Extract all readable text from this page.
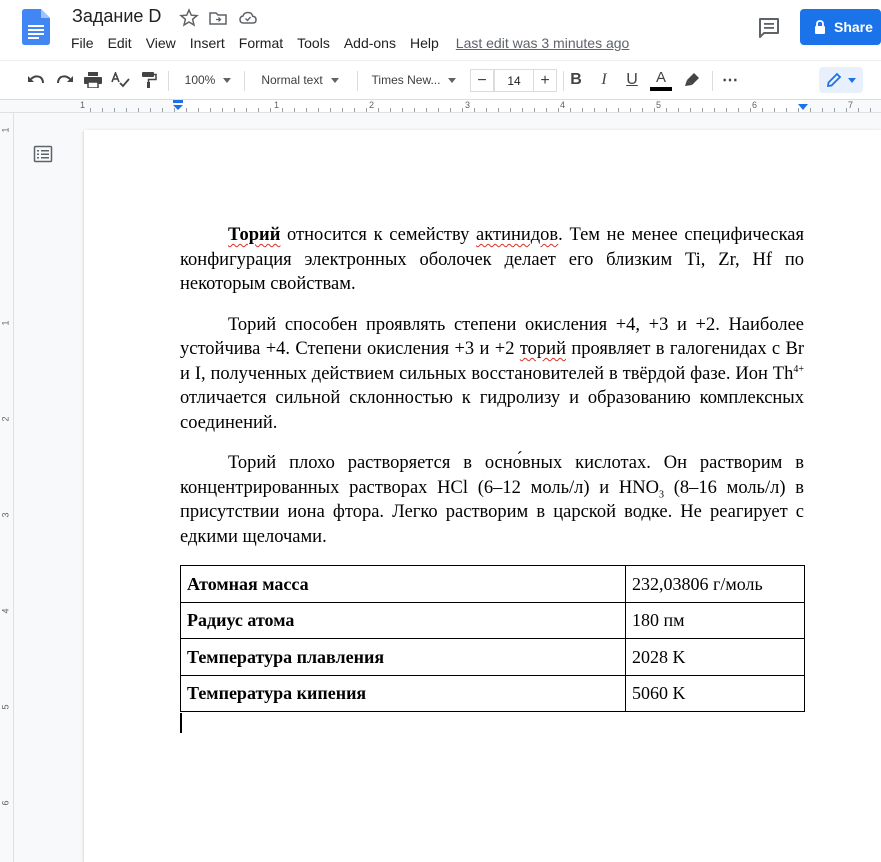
Задание D
File	Edit	View	Insert	Format	Tools	Add-ons	Help	Last edit was 3 minutes ago
Share
100%	Normal text	Times New...	−	14	+	B	I	U	A	⋯
1	1	2	3	4	5	6	7
1
1
2
3
4
5
6

Торий относится к семейству актинидов. Тем не менее специфическая конфигурация электронных оболочек делает его близким Ti, Zr, Hf по некоторым свойствам.

Торий способен проявлять степени окисления +4, +3 и +2. Наиболее устойчива +4. Степени окисления +3 и +2 торий проявляет в галогенидах с Br и I, полученных действием сильных восстановителей в твёрдой фазе. Ион $Th^{4+}$ отличается сильной склонностью к гидролизу и образованию комплексных соединений.

Торий плохо растворяется в осно́вных кислотах. Он растворим в концентрированных растворах HCl (6–12 моль/л) и $HNO_3$ (8–16 моль/л) в присутствии иона фтора. Легко растворим в царской водке. Не реагирует с едкими щелочами.

Атомная масса	232,03806 г/моль
Радиус атома	180 пм
Температура плавления	2028 K
Температура кипения	5060 K
